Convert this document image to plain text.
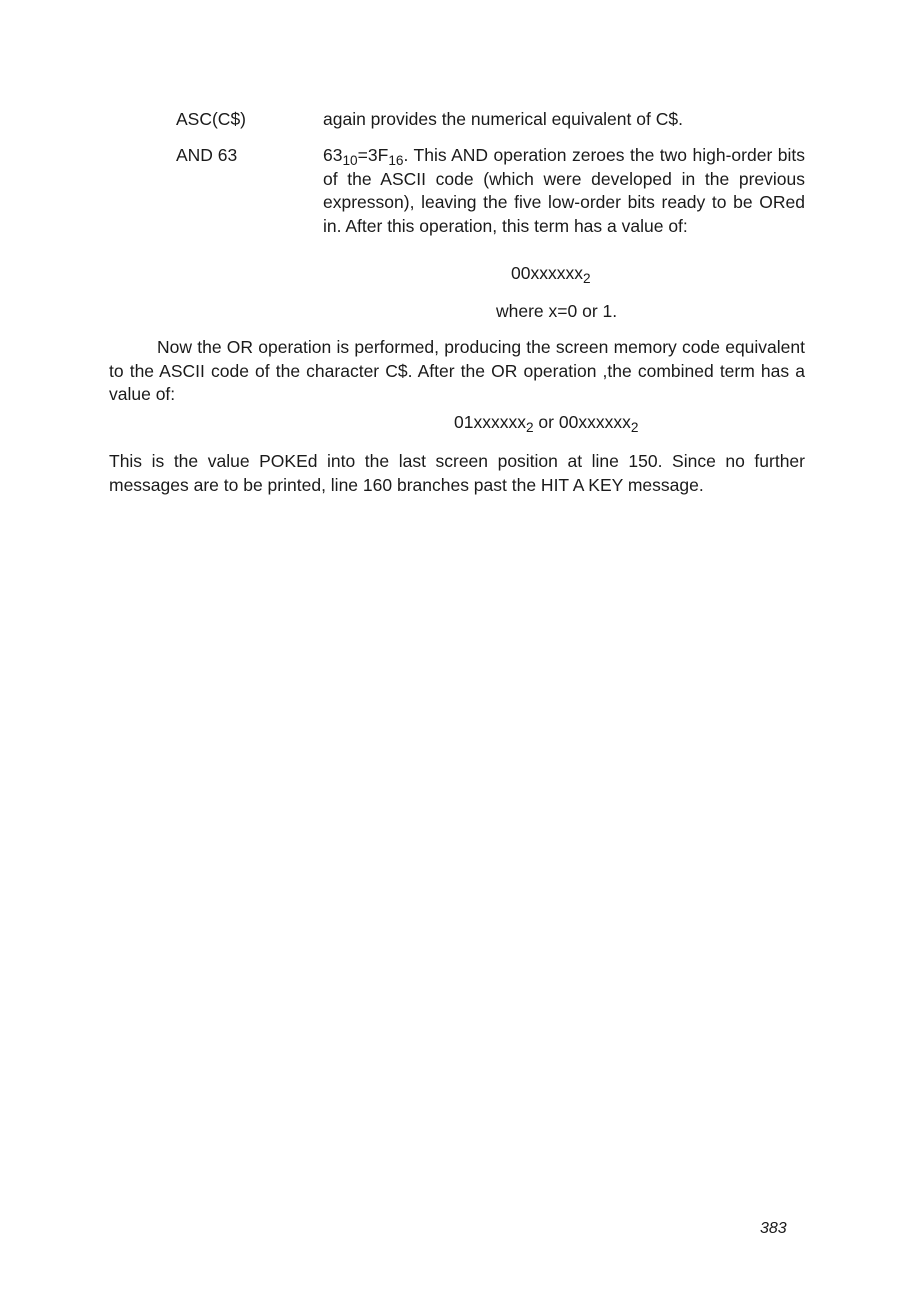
ASC(C$)	again provides the numerical equivalent of C$.
AND 63	$63_{10}=3F_{16}$. This AND operation zeroes the two high-order bits of the ASCII code (which were developed in the previous expresson), leaving the five low-order bits ready to be ORed in. After this operation, this term has a value of:
00xxxxxx$_2$
where x=0 or 1.
Now the OR operation is performed, producing the screen memory code equivalent to the ASCII code of the character C$. After the OR operation ,the combined term has a value of:
01xxxxxx$_2$ or 00xxxxxx$_2$
This is the value POKEd into the last screen position at line 150. Since no further messages are to be printed, line 160 branches past the HIT A KEY message.
383
